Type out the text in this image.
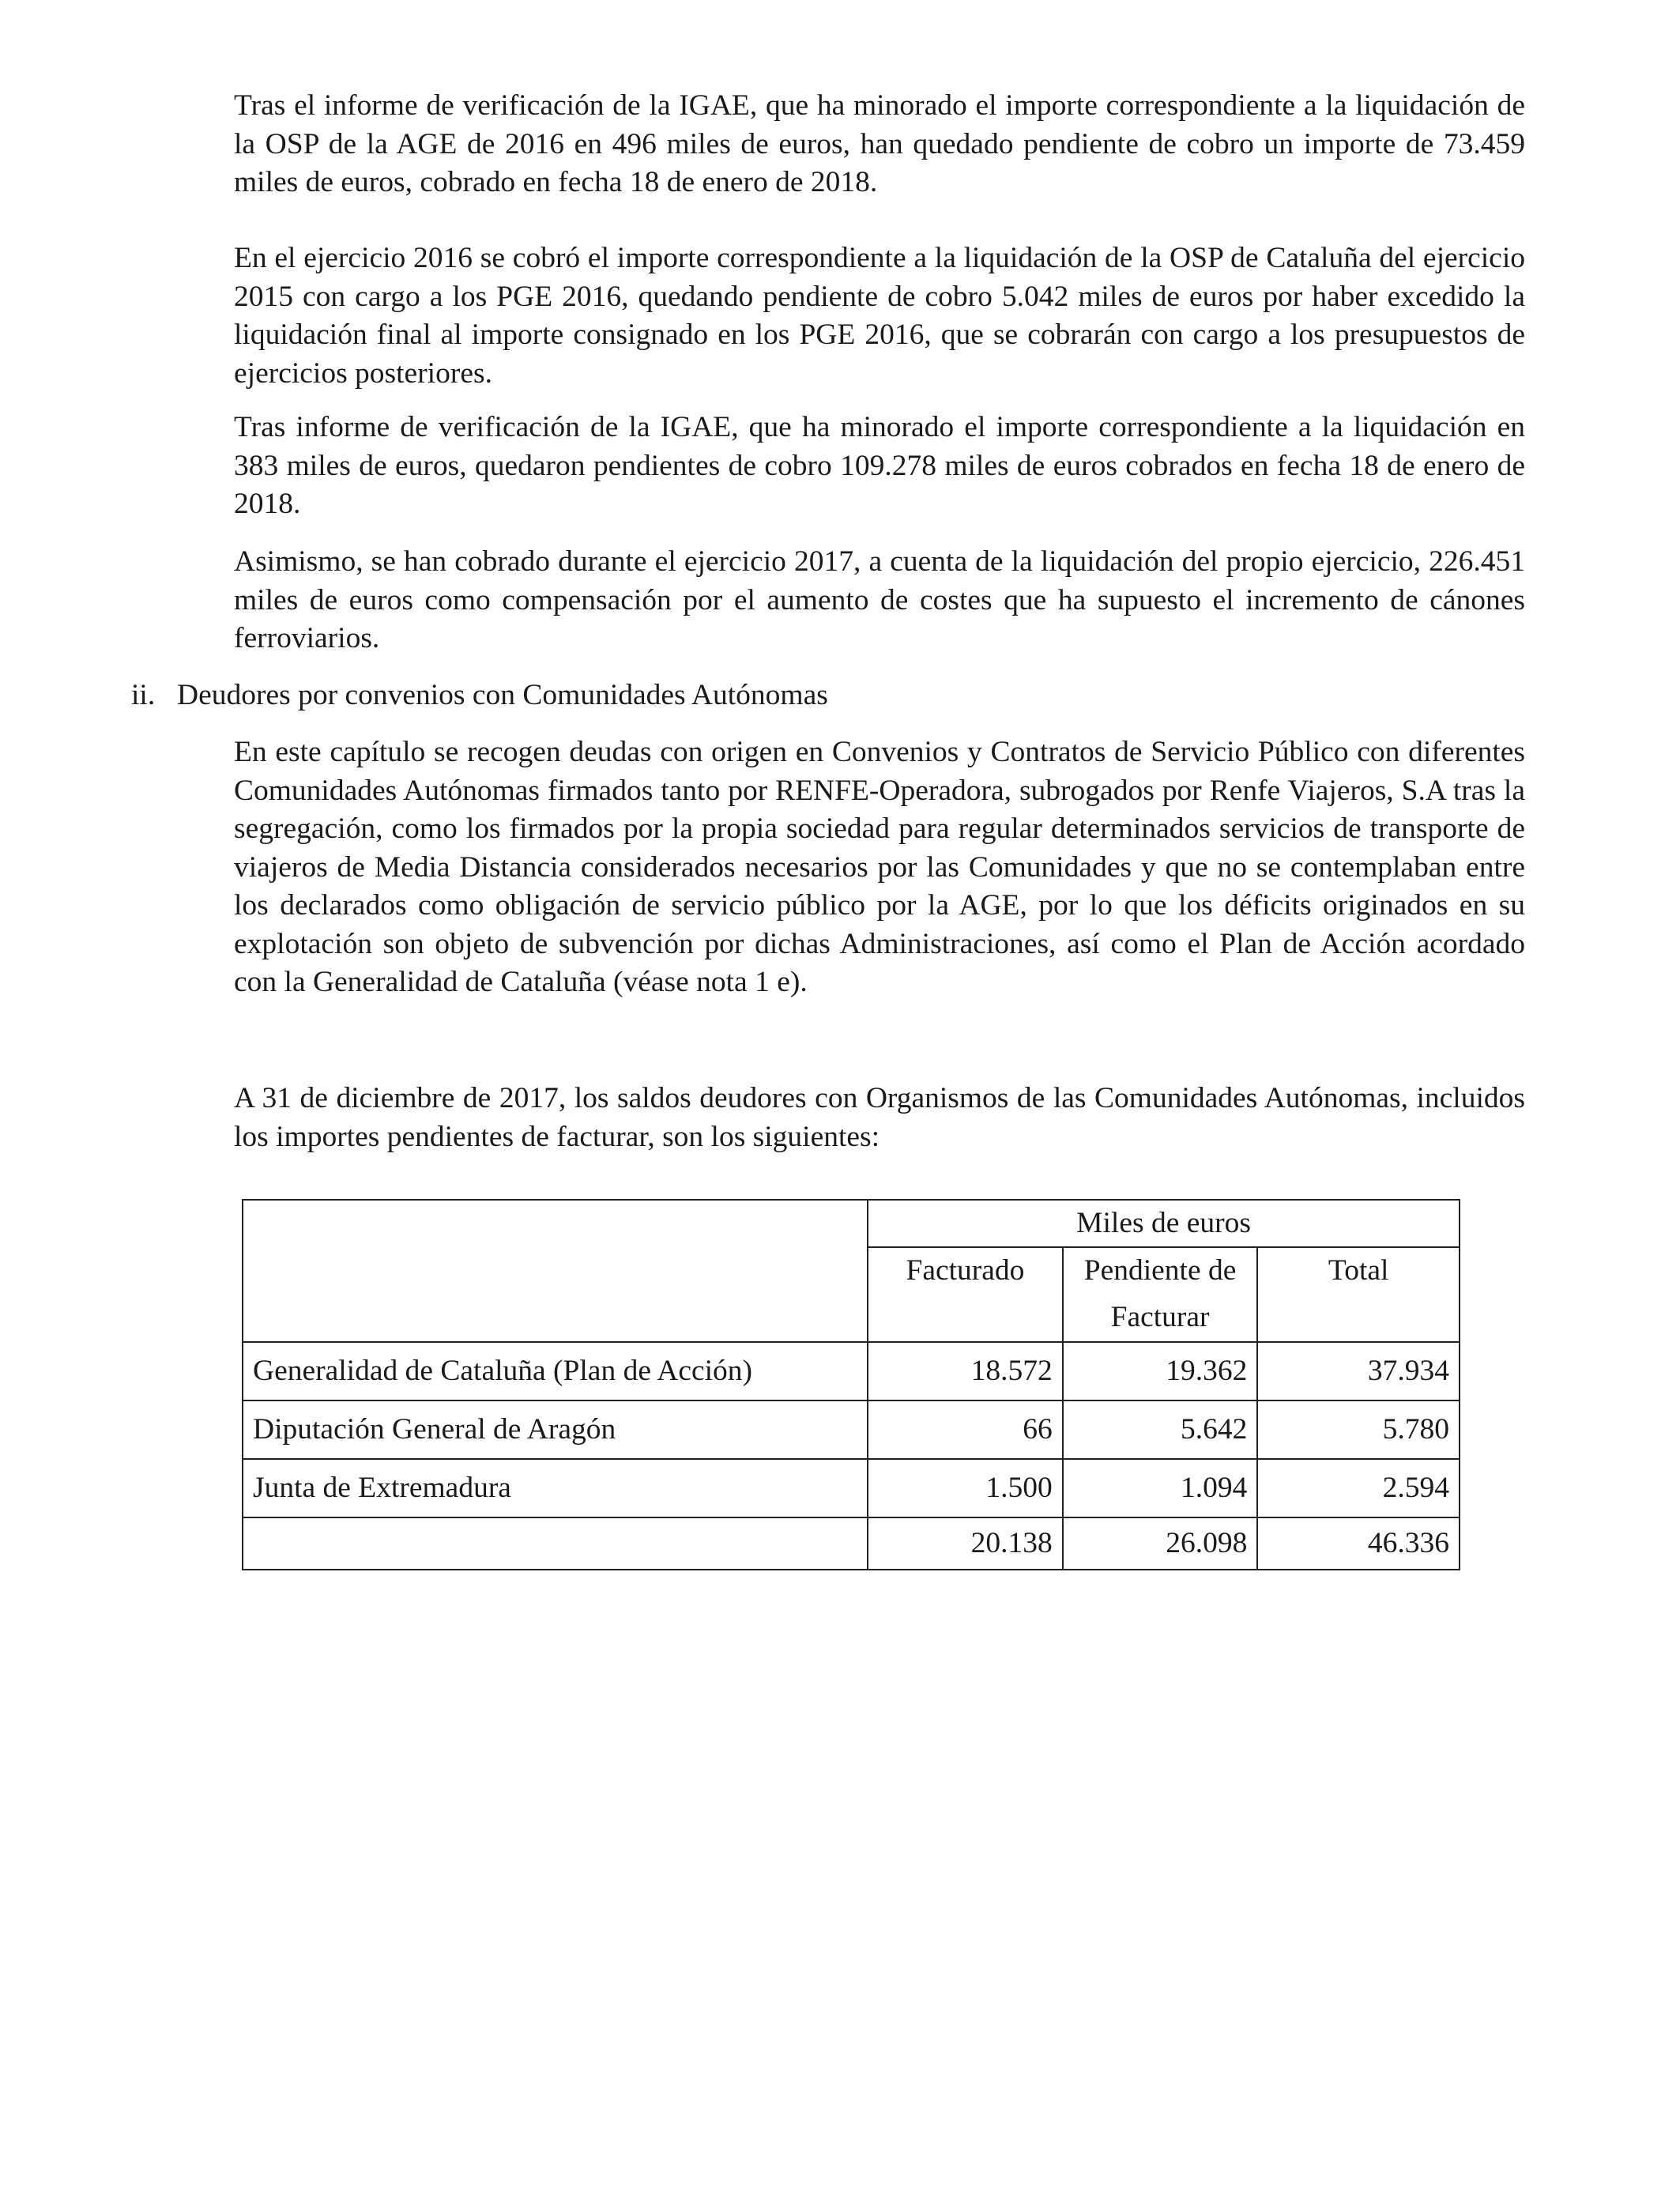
Tras el informe de verificación de la IGAE, que ha minorado el importe correspondiente a la liquidación de la OSP de la AGE de 2016 en 496 miles de euros, han quedado pendiente de cobro un importe de 73.459 miles de euros, cobrado en fecha 18 de enero de 2018.

En el ejercicio 2016 se cobró el importe correspondiente a la liquidación de la OSP de Cataluña del ejercicio 2015 con cargo a los PGE 2016, quedando pendiente de cobro 5.042 miles de euros por haber excedido la liquidación final al importe consignado en los PGE 2016, que se cobrarán con cargo a los presupuestos de ejercicios posteriores.

Tras informe de verificación de la IGAE, que ha minorado el importe correspondiente a la liquidación en 383 miles de euros, quedaron pendientes de cobro 109.278 miles de euros cobrados en fecha 18 de enero de 2018.

Asimismo, se han cobrado durante el ejercicio 2017, a cuenta de la liquidación del propio ejercicio, 226.451 miles de euros como compensación por el aumento de costes que ha supuesto el incremento de cánones ferroviarios.

ii. Deudores por convenios con Comunidades Autónomas

En este capítulo se recogen deudas con origen en Convenios y Contratos de Servicio Público con diferentes Comunidades Autónomas firmados tanto por RENFE-Operadora, subrogados por Renfe Viajeros, S.A tras la segregación, como los firmados por la propia sociedad para regular determinados servicios de transporte de viajeros de Media Distancia considerados necesarios por las Comunidades y que no se contemplaban entre los declarados como obligación de servicio público por la AGE, por lo que los déficits originados en su explotación son objeto de subvención por dichas Administraciones, así como el Plan de Acción acordado con la Generalidad de Cataluña (véase nota 1 e).

A 31 de diciembre de 2017, los saldos deudores con Organismos de las Comunidades Autónomas, incluidos los importes pendientes de facturar, son los siguientes:

	Miles de euros		
	Facturado	Pendiente de	Total
		Facturar	
Generalidad de Cataluña (Plan de Acción)	18.572	19.362	37.934
Diputación General de Aragón	66	5.642	5.780
Junta de Extremadura	1.500	1.094	2.594
	20.138	26.098	46.336
